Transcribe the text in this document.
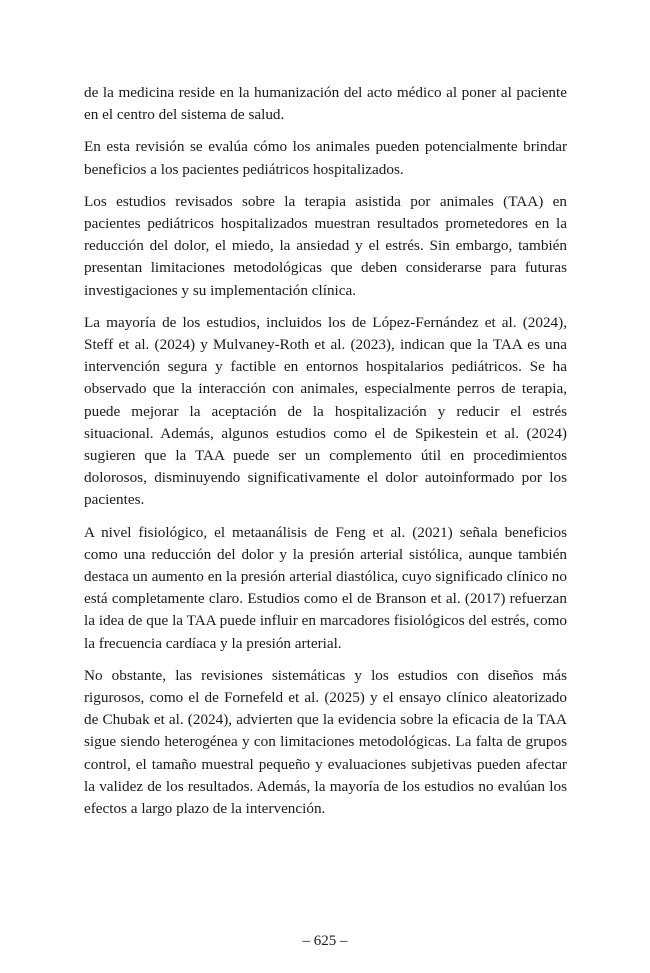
de la medicina reside en la humanización del acto médico al poner al paciente en el centro del sistema de salud.

En esta revisión se evalúa cómo los animales pueden potencialmente brindar beneficios a los pacientes pediátricos hospitalizados.

Los estudios revisados sobre la terapia asistida por animales (TAA) en pacientes pediátricos hospitalizados muestran resultados prometedores en la reducción del dolor, el miedo, la ansiedad y el estrés. Sin embargo, también presentan limitaciones metodológicas que deben considerarse para futuras investigaciones y su implementación clínica.

La mayoría de los estudios, incluidos los de López-Fernández et al. (2024), Steff et al. (2024) y Mulvaney-Roth et al. (2023), indican que la TAA es una intervención segura y factible en entornos hospitalarios pediátricos. Se ha observado que la interacción con animales, especialmente perros de terapia, puede mejorar la aceptación de la hospitalización y reducir el estrés situacional. Además, algunos estudios como el de Spikestein et al. (2024) sugieren que la TAA puede ser un complemento útil en procedimientos dolorosos, disminuyendo significativamente el dolor autoinformado por los pacientes.

A nivel fisiológico, el metaanálisis de Feng et al. (2021) señala beneficios como una reducción del dolor y la presión arterial sistólica, aunque también destaca un aumento en la presión arterial diastólica, cuyo significado clínico no está completamente claro. Estudios como el de Branson et al. (2017) refuerzan la idea de que la TAA puede influir en marcadores fisiológicos del estrés, como la frecuencia cardíaca y la presión arterial.

No obstante, las revisiones sistemáticas y los estudios con diseños más rigurosos, como el de Fornefeld et al. (2025) y el ensayo clínico aleatorizado de Chubak et al. (2024), advierten que la evidencia sobre la eficacia de la TAA sigue siendo heterogénea y con limitaciones metodológicas. La falta de grupos control, el tamaño muestral pequeño y evaluaciones subjetivas pueden afectar la validez de los resultados. Además, la mayoría de los estudios no evalúan los efectos a largo plazo de la intervención.

– 625 –
